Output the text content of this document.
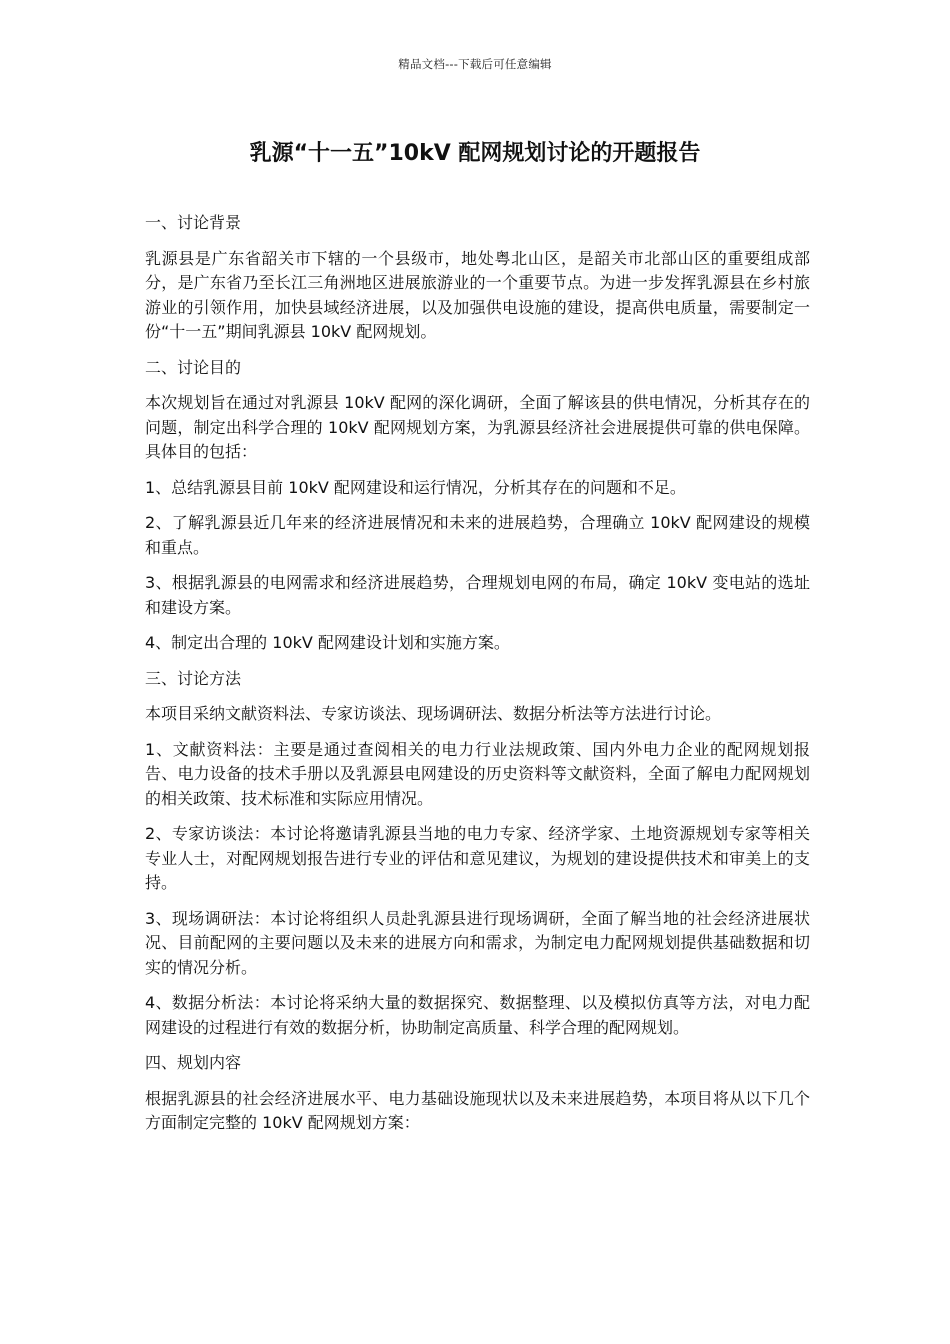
精品文档---下载后可任意编辑
乳源“十一五”10kV 配网规划讨论的开题报告

一、讨论背景

乳源县是广东省韶关市下辖的一个县级市，地处粤北山区，是韶关市北部山区的重要组成部分，是广东省乃至长江三角洲地区进展旅游业的一个重要节点。为进一步发挥乳源县在乡村旅游业的引领作用，加快县域经济进展，以及加强供电设施的建设，提高供电质量，需要制定一份“十一五”期间乳源县 10kV 配网规划。

二、讨论目的

本次规划旨在通过对乳源县 10kV 配网的深化调研，全面了解该县的供电情况，分析其存在的问题，制定出科学合理的 10kV 配网规划方案，为乳源县经济社会进展提供可靠的供电保障。具体目的包括：

1、总结乳源县目前 10kV 配网建设和运行情况，分析其存在的问题和不足。

2、了解乳源县近几年来的经济进展情况和未来的进展趋势，合理确立 10kV 配网建设的规模和重点。

3、根据乳源县的电网需求和经济进展趋势，合理规划电网的布局，确定 10kV 变电站的选址和建设方案。

4、制定出合理的 10kV 配网建设计划和实施方案。

三、讨论方法

本项目采纳文献资料法、专家访谈法、现场调研法、数据分析法等方法进行讨论。

1、文献资料法：主要是通过查阅相关的电力行业法规政策、国内外电力企业的配网规划报告、电力设备的技术手册以及乳源县电网建设的历史资料等文献资料，全面了解电力配网规划的相关政策、技术标准和实际应用情况。

2、专家访谈法：本讨论将邀请乳源县当地的电力专家、经济学家、土地资源规划专家等相关专业人士，对配网规划报告进行专业的评估和意见建议，为规划的建设提供技术和审美上的支持。

3、现场调研法：本讨论将组织人员赴乳源县进行现场调研，全面了解当地的社会经济进展状况、目前配网的主要问题以及未来的进展方向和需求，为制定电力配网规划提供基础数据和切实的情况分析。

4、数据分析法：本讨论将采纳大量的数据探究、数据整理、以及模拟仿真等方法，对电力配网建设的过程进行有效的数据分析，协助制定高质量、科学合理的配网规划。

四、规划内容

根据乳源县的社会经济进展水平、电力基础设施现状以及未来进展趋势，本项目将从以下几个方面制定完整的 10kV 配网规划方案：
